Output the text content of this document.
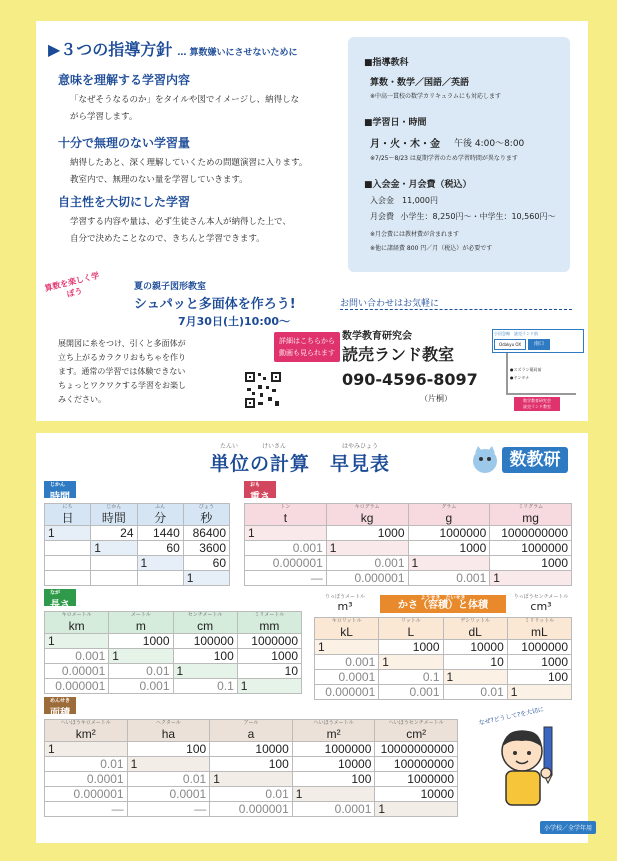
▶３つの指導方針 … 算数嫌いにさせないために
意味を理解する学習内容
「なぜそうなるのか」をタイルや図でイメージし、納得しな
がら学習します。
十分で無理のない学習量
納得したあと、深く理解していくための問題演習に入ります。
教室内で、無理のない量を学習していきます。
自主性を大切にした学習
学習する内容や量は、必ず生徒さん本人が納得した上で、
自分で決めたことなので、きちんと学習できます。
■指導教科
算数・数学／国語／英語
※中高一貫校の数学カリキュラムにも対応します
■学習日・時間
月・火・木・金 午後 4:00〜8:00
※7/25〜8/23 は夏期学習のため学習時間が異なります
■入会金・月会費（税込）
入会金　11,000円
月会費 小学生：8,250円〜・中学生：10,560円〜
※月会費には教材費が含まれます
※他に諸経費 800 円／月（税込）が必要です
算数を楽しく学ぼう	夏の親子図形教室
シュパッと多面体を作ろう!
7月30日(土)10:00〜
展開図に糸をつけ、引くと多面体が
立ち上がるカラクリおもちゃを作り
ます。通常の学習では体験できない
ちょっとワクワクする学習をお楽し
みください。
詳細はこちらから
動画も見られます
お問い合わせはお気軽に
数学教育研究会
読売ランド教室
090-4596-8097
（片桐）
小田急線　読売ランド前
Odakyu OX	南口
●スズラン薬局前
●ヤンタナ
数学教育研究会
読売ランド教室
たんい	けいさん	はやみひょう
単位の計算　早見表	数教研
じかん
時間
にち
日	じかん
時間	ふん
分	びょう
秒
1	24	1440	86400
	1	60	3600
		1	60
			1
おも
重さ
トン
t	キログラム
kg	グラム
g	ミリグラム
mg
1	1000	1000000	1000000000
0.001	1	1000	1000000
0.000001	0.001	1	1000
—	0.000001	0.001	1
なが
長さ
キロメートル
km	メートル
m	センチメートル
cm	ミリメートル
mm
1	1000	100000	1000000
0.001	1	100	1000
0.00001	0.01	1	10
0.000001	0.001	0.1	1
りっぽうメートル
m³
ようせき　たいせき
かさ（容積）と体積
りっぽうセンチメートル
cm³
キロリットル
kL	リットル
L	デシリットル
dL	ミリリットル
mL
1	1000	10000	1000000
0.001	1	10	1000
0.0001	0.1	1	100
0.000001	0.001	0.01	1
めんせき
面積
へいほうキロメートル
km²	ヘクタール
ha	アール
a	へいほうメートル
m²	へいほうセンチメートル
cm²
1	100	10000	1000000	10000000000
0.01	1	100	10000	100000000
0.0001	0.01	1	100	1000000
0.000001	0.0001	0.01	1	10000
—	—	0.000001	0.0001	1
なぜ?どうして?を大切に
小学校／全学年用
